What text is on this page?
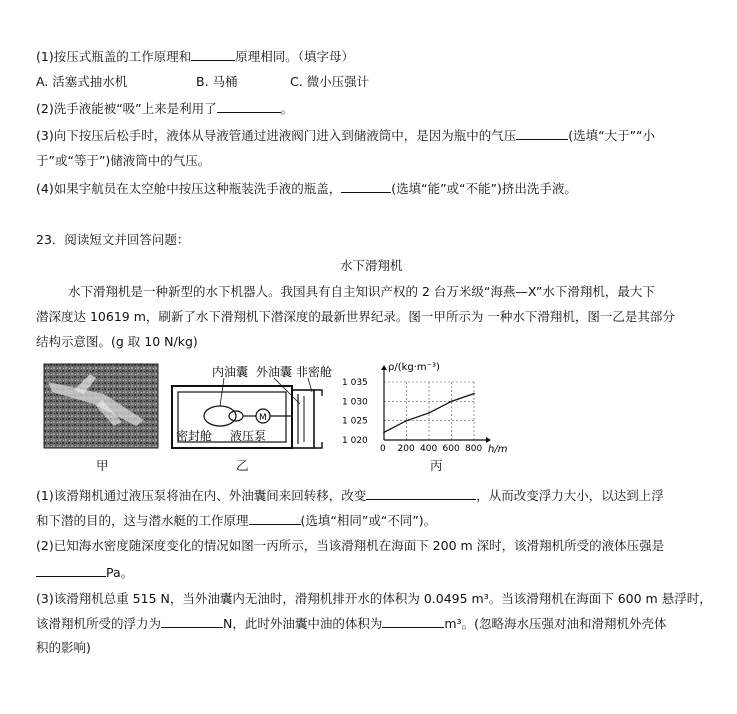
(1)按压式瓶盖的工作原理和	原理相同。（填字母）
A. 活塞式抽水机	B. 马桶	C. 微小压强计
(2)洗手液能被“吸”上来是利用了	。
(3)向下按压后松手时，液体从导液管通过进液阀门进入到储液筒中，是因为瓶中的气压	(选填“大于”“小
于”或“等于”)储液筒中的气压。
(4)如果宇航员在太空舱中按压这种瓶装洗手液的瓶盖，	(选填“能”或“不能”)挤出洗手液。
23．阅读短文并回答问题：
水下滑翔机
水下滑翔机是一种新型的水下机器人。我国具有自主知识产权的 2 台万米级“海燕—X”水下滑翔机，最大下
潜深度达 10619 m，刷新了水下滑翔机下潜深度的最新世界纪录。图一甲所示为 一种水下滑翔机，图一乙是其部分
结构示意图。(g 取 10 N/kg)
甲
M
内油囊 外油囊 非密舱
密封舱 液压泵
乙
0 200 400 600 800
1 020
1 025
1 030
1 035
ρ/(kg·m⁻³)
h/m
丙
(1)该滑翔机通过液压泵将油在内、外油囊间来回转移，改变	，从而改变浮力大小，以达到上浮
和下潜的目的，这与潜水艇的工作原理	(选填“相同”或“不同”)。
(2)已知海水密度随深度变化的情况如图一丙所示，当该滑翔机在海面下 200 m 深时，该滑翔机所受的液体压强是
Pa。
(3)该滑翔机总重 515 N，当外油囊内无油时，滑翔机排开水的体积为 0.0495 m³。当该滑翔机在海面下 600 m 悬浮时，
该滑翔机所受的浮力为	N，此时外油囊中油的体积为	m³。(忽略海水压强对油和滑翔机外壳体
积的影响)
